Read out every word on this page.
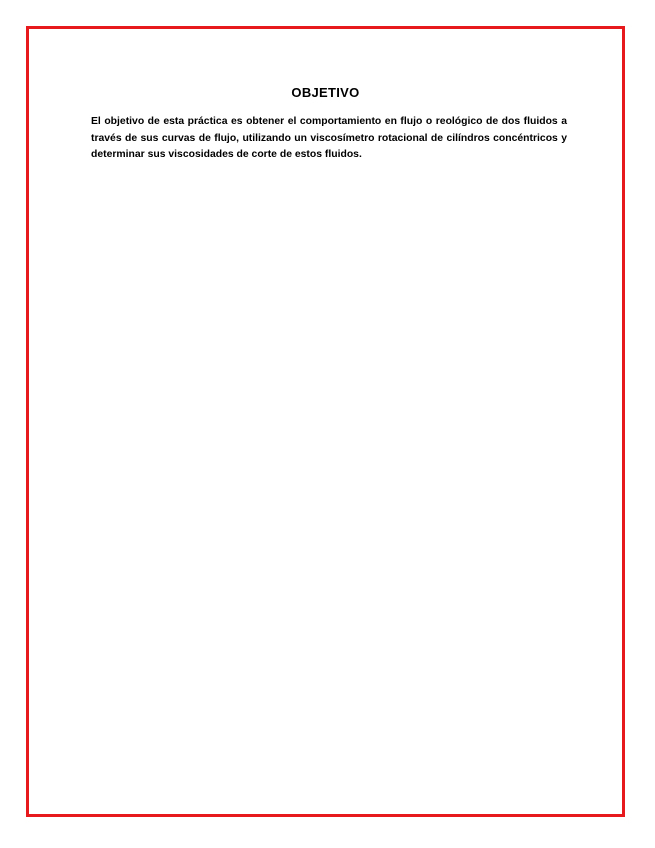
OBJETIVO

El objetivo de esta práctica es obtener el comportamiento en flujo o reológico de dos fluidos a través de sus curvas de flujo, utilizando un viscosímetro rotacional de cilíndros concéntricos y determinar sus viscosidades de corte de estos fluidos.
